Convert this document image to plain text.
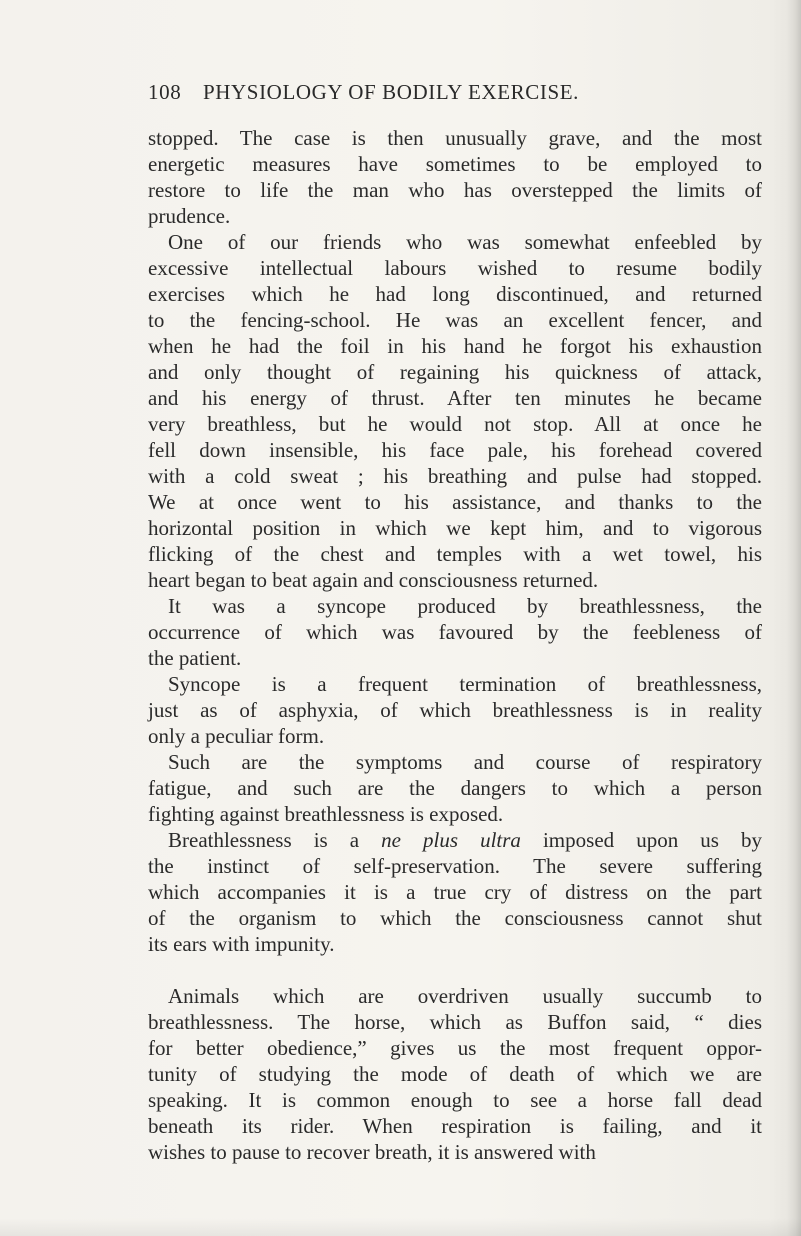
108 PHYSIOLOGY OF BODILY EXERCISE.
stopped. The case is then unusually grave, and the most
energetic measures have sometimes to be employed to
restore to life the man who has overstepped the limits of
prudence.
One of our friends who was somewhat enfeebled by
excessive intellectual labours wished to resume bodily
exercises which he had long discontinued, and returned
to the fencing-school. He was an excellent fencer, and
when he had the foil in his hand he forgot his exhaustion
and only thought of regaining his quickness of attack,
and his energy of thrust. After ten minutes he became
very breathless, but he would not stop. All at once he
fell down insensible, his face pale, his forehead covered
with a cold sweat ; his breathing and pulse had stopped.
We at once went to his assistance, and thanks to the
horizontal position in which we kept him, and to vigorous
flicking of the chest and temples with a wet towel, his
heart began to beat again and consciousness returned.
It was a syncope produced by breathlessness, the
occurrence of which was favoured by the feebleness of
the patient.
Syncope is a frequent termination of breathlessness,
just as of asphyxia, of which breathlessness is in reality
only a peculiar form.
Such are the symptoms and course of respiratory
fatigue, and such are the dangers to which a person
fighting against breathlessness is exposed.
Breathlessness is a ne plus ultra imposed upon us by
the instinct of self-preservation. The severe suffering
which accompanies it is a true cry of distress on the part
of the organism to which the consciousness cannot shut
its ears with impunity.
Animals which are overdriven usually succumb to
breathlessness. The horse, which as Buffon said, “ dies
for better obedience,” gives us the most frequent oppor-
tunity of studying the mode of death of which we are
speaking. It is common enough to see a horse fall dead
beneath its rider. When respiration is failing, and it
wishes to pause to recover breath, it is answered with
